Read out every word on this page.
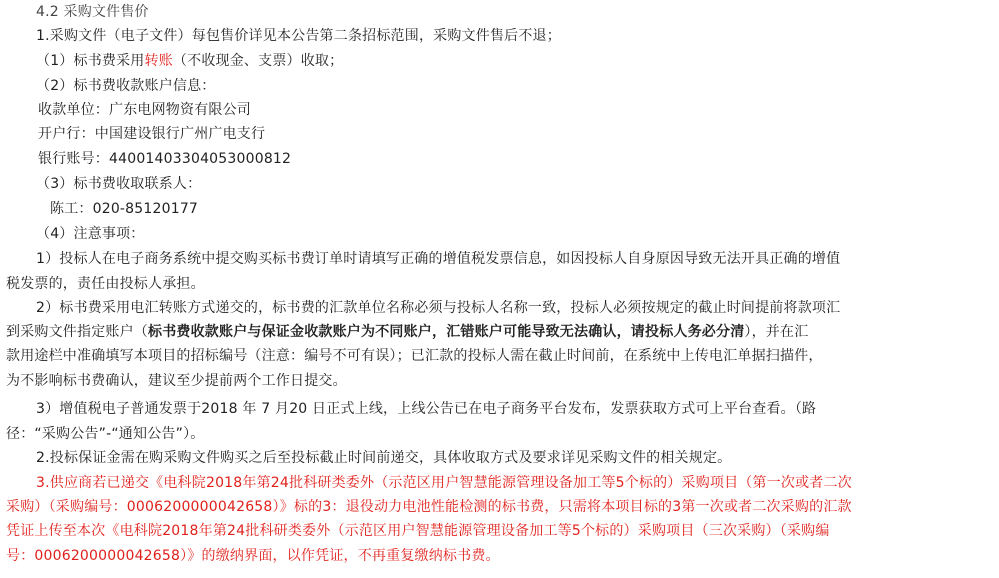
4.2 采购文件售价
1.采购文件（电子文件）每包售价详见本公告第二条招标范围，采购文件售后不退；
（1）标书费采用转账（不收现金、支票）收取；
（2）标书费收款账户信息：
收款单位：广东电网物资有限公司
开户行：中国建设银行广州广电支行
银行账号：44001403304053000812
（3）标书费收取联系人：
陈工：020-85120177
（4）注意事项：
1）投标人在电子商务系统中提交购买标书费订单时请填写正确的增值税发票信息，如因投标人自身原因导致无法开具正确的增值
税发票的，责任由投标人承担。
2）标书费采用电汇转账方式递交的，标书费的汇款单位名称必须与投标人名称一致，投标人必须按规定的截止时间提前将款项汇
到采购文件指定账户（标书费收款账户与保证金收款账户为不同账户，汇错账户可能导致无法确认，请投标人务必分清），并在汇
款用途栏中准确填写本项目的招标编号（注意：编号不可有误）；已汇款的投标人需在截止时间前，在系统中上传电汇单据扫描件，
为不影响标书费确认，建议至少提前两个工作日提交。
3）增值税电子普通发票于2018 年 7 月20 日正式上线，上线公告已在电子商务平台发布，发票获取方式可上平台查看。（路
径：“采购公告”-“通知公告”）。
2.投标保证金需在购采购文件购买之后至投标截止时间前递交，具体收取方式及要求详见采购文件的相关规定。
3.供应商若已递交《电科院2018年第24批科研类委外（示范区用户智慧能源管理设备加工等5个标的）采购项目（第一次或者二次
采购）（采购编号：0006200000042658）》标的3：退役动力电池性能检测的标书费，只需将本项目标的3第一次或者二次采购的汇款
凭证上传至本次《电科院2018年第24批科研类委外（示范区用户智慧能源管理设备加工等5个标的）采购项目（三次采购）（采购编
号：0006200000042658）》的缴纳界面，以作凭证，不再重复缴纳标书费。
